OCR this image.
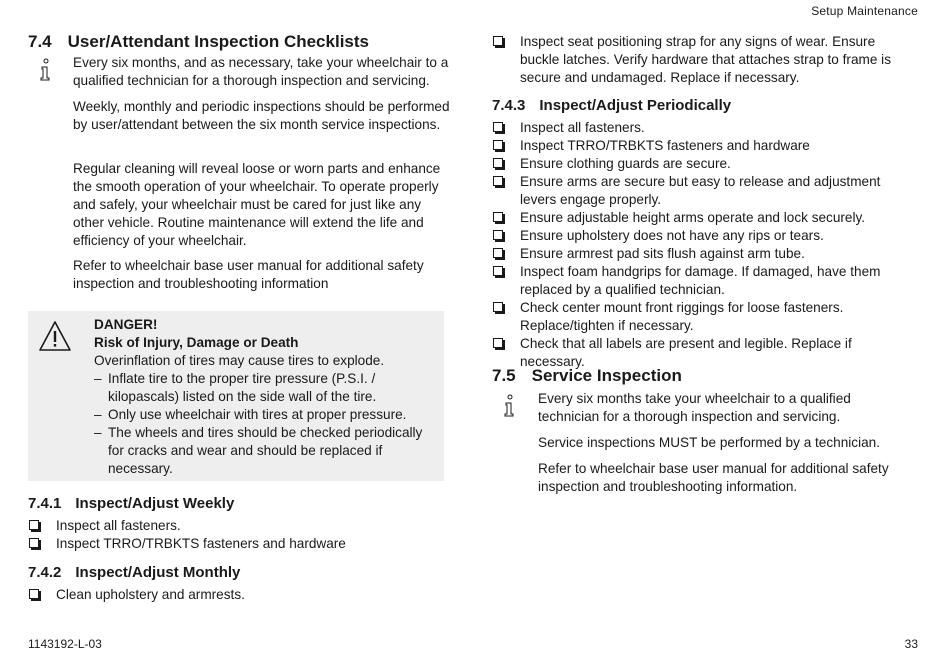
Setup Maintenance
7.4 User/Attendant Inspection Checklists

Every six months, and as necessary, take your wheelchair to a qualified technician for a thorough inspection and servicing.

Weekly, monthly and periodic inspections should be performed by user/attendant between the six month service inspections.

Regular cleaning will reveal loose or worn parts and enhance the smooth operation of your wheelchair. To operate properly and safely, your wheelchair must be cared for just like any other vehicle. Routine maintenance will extend the life and efficiency of your wheelchair.

Refer to wheelchair base user manual for additional safety inspection and troubleshooting information

DANGER!
Risk of Injury, Damage or Death
Overinflation of tires may cause tires to explode.
– Inflate tire to the proper tire pressure (P.S.I. / kilopascals) listed on the side wall of the tire.
– Only use wheelchair with tires at proper pressure.
– The wheels and tires should be checked periodically for cracks and wear and should be replaced if necessary.
7.4.1 Inspect/Adjust Weekly
Inspect all fasteners.
Inspect TRRO/TRBKTS fasteners and hardware
7.4.2 Inspect/Adjust Monthly
Clean upholstery and armrests.
Inspect seat positioning strap for any signs of wear. Ensure buckle latches. Verify hardware that attaches strap to frame is secure and undamaged. Replace if necessary.
7.4.3 Inspect/Adjust Periodically
Inspect all fasteners.
Inspect TRRO/TRBKTS fasteners and hardware
Ensure clothing guards are secure.
Ensure arms are secure but easy to release and adjustment levers engage properly.
Ensure adjustable height arms operate and lock securely.
Ensure upholstery does not have any rips or tears.
Ensure armrest pad sits flush against arm tube.
Inspect foam handgrips for damage. If damaged, have them replaced by a qualified technician.
Check center mount front riggings for loose fasteners. Replace/tighten if necessary.
Check that all labels are present and legible. Replace if necessary.
7.5 Service Inspection

Every six months take your wheelchair to a qualified technician for a thorough inspection and servicing.

Service inspections MUST be performed by a technician.

Refer to wheelchair base user manual for additional safety inspection and troubleshooting information.

1143192-L-03	33
